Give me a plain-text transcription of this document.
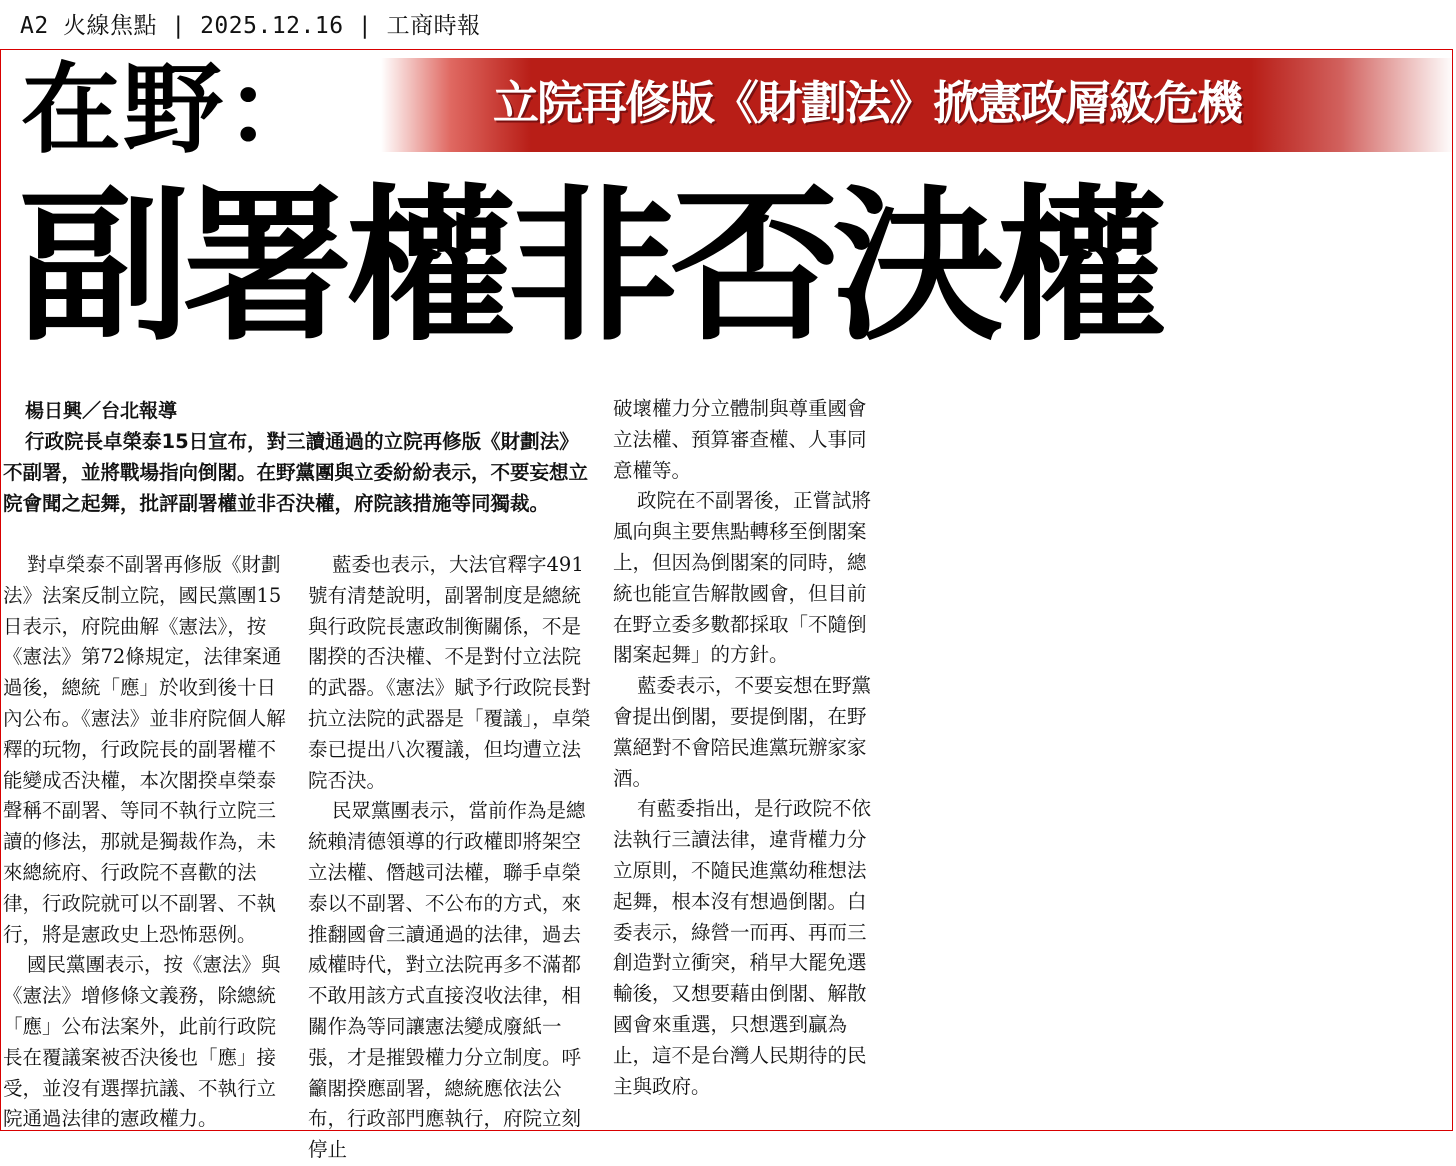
A2 火線焦點 | 2025.12.16 | 工商時報
在野：	立院再修版《財劃法》掀憲政層級危機
副署權非否決權
楊日興／台北報導

行政院長卓榮泰15日宣布，對三讀通過的立院再修版《財劃法》不副署，並將戰場指向倒閣。在野黨團與立委紛紛表示，不要妄想立院會聞之起舞，批評副署權並非否決權，府院該措施等同獨裁。

對卓榮泰不副署再修版《財劃法》法案反制立院，國民黨團15日表示，府院曲解《憲法》，按《憲法》第72條規定，法律案通過後，總統「應」於收到後十日內公布。《憲法》並非府院個人解釋的玩物，行政院長的副署權不能變成否決權，本次閣揆卓榮泰聲稱不副署、等同不執行立院三讀的修法，那就是獨裁作為，未來總統府、行政院不喜歡的法律，行政院就可以不副署、不執行，將是憲政史上恐怖惡例。

國民黨團表示，按《憲法》與《憲法》增修條文義務，除總統「應」公布法案外，此前行政院長在覆議案被否決後也「應」接受，並沒有選擇抗議、不執行立院通過法律的憲政權力。

藍委也表示，大法官釋字491號有清楚說明，副署制度是總統與行政院長憲政制衡關係，不是閣揆的否決權、不是對付立法院的武器。《憲法》賦予行政院長對抗立法院的武器是「覆議」，卓榮泰已提出八次覆議，但均遭立法院否決。

民眾黨團表示，當前作為是總統賴清德領導的行政權即將架空立法權、僭越司法權，聯手卓榮泰以不副署、不公布的方式，來推翻國會三讀通過的法律，過去威權時代，對立法院再多不滿都不敢用該方式直接沒收法律，相關作為等同讓憲法變成廢紙一張，才是摧毀權力分立制度。呼籲閣揆應副署，總統應依法公布，行政部門應執行，府院立刻停止

破壞權力分立體制與尊重國會立法權、預算審查權、人事同意權等。

政院在不副署後，正嘗試將風向與主要焦點轉移至倒閣案上，但因為倒閣案的同時，總統也能宣告解散國會，但目前在野立委多數都採取「不隨倒閣案起舞」的方針。

藍委表示，不要妄想在野黨會提出倒閣，要提倒閣，在野黨絕對不會陪民進黨玩辦家家酒。

有藍委指出，是行政院不依法執行三讀法律，違背權力分立原則，不隨民進黨幼稚想法起舞，根本沒有想過倒閣。白委表示，綠營一而再、再而三創造對立衝突，稍早大罷免選輸後，又想要藉由倒閣、解散國會來重選，只想選到贏為止，這不是台灣人民期待的民主與政府。
